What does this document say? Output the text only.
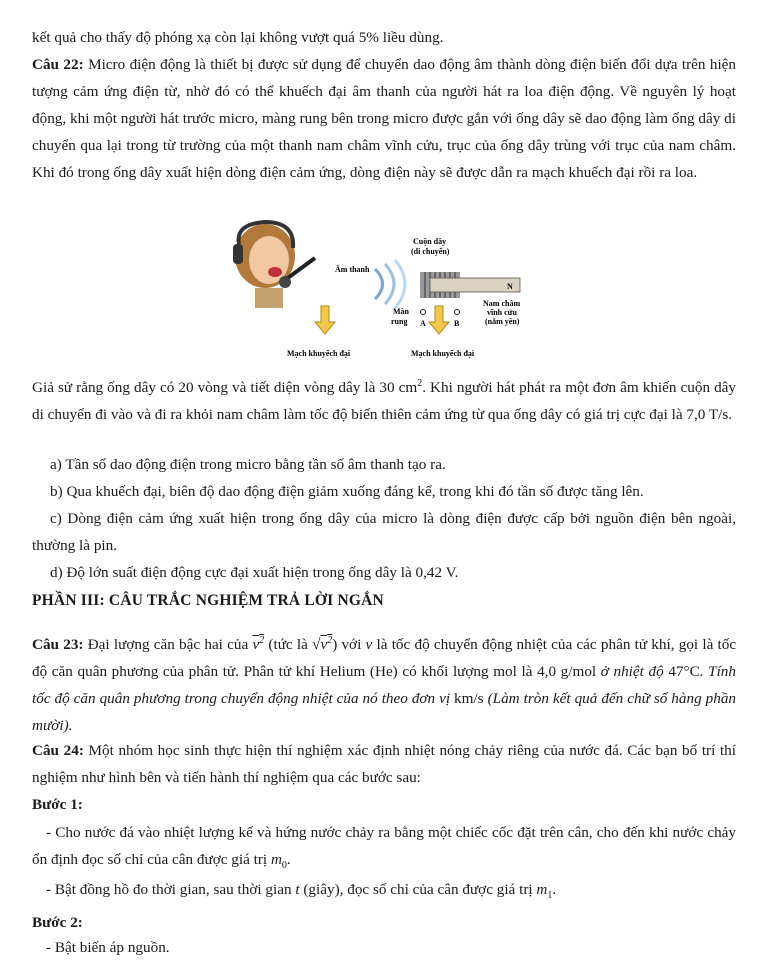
kết quả cho thấy độ phóng xạ còn lại không vượt quá 5% liều dùng.

Câu 22: Micro điện động là thiết bị được sử dụng để chuyển dao động âm thành dòng điện biến đổi dựa trên hiện tượng cảm ứng điện từ, nhờ đó có thể khuếch đại âm thanh của người hát ra loa điện động. Về nguyên lý hoạt động, khi một người hát trước micro, màng rung bên trong micro được gắn với ống dây sẽ dao động làm ống dây di chuyển qua lại trong từ trường của một thanh nam châm vĩnh cửu, trục của ống dây trùng với trục của nam châm. Khi đó trong ống dây xuất hiện dòng điện cảm ứng, dòng điện này sẽ được dẫn ra mạch khuếch đại rồi ra loa.

N
Cuộn dây
(di chuyển)
Âm thanh
Nam châm
vĩnh cửu
(nằm yên)
Màn
rung A	B
Mạch khuyếch đại	Mạch khuyếch đại

Giả sử rằng ống dây có 20 vòng và tiết diện vòng dây là 30 $cm^2$. Khi người hát phát ra một đơn âm khiến cuộn dây di chuyển đi vào và đi ra khỏi nam châm làm tốc độ biến thiên cảm ứng từ qua ống dây có giá trị cực đại là 7,0 T/s.

a) Tần số dao động điện trong micro bằng tần số âm thanh tạo ra.

b) Qua khuếch đại, biên độ dao động điện giảm xuống đáng kể, trong khi đó tần số được tăng lên.

c) Dòng điện cảm ứng xuất hiện trong ống dây của micro là dòng điện được cấp bởi nguồn điện bên ngoài, thường là pin.

d) Độ lớn suất điện động cực đại xuất hiện trong ống dây là 0,42 V.

PHẦN III: CÂU TRẮC NGHIỆM TRẢ LỜI NGẮN

Câu 23: Đại lượng căn bậc hai của $v^2$ (tức là $√v^2$) với v là tốc độ chuyển động nhiệt của các phân tử khí, gọi là tốc độ căn quân phương của phân tử. Phân tử khí Helium (He) có khối lượng mol là 4,0 g/mol ở nhiệt độ 47°C. Tính tốc độ căn quân phương trong chuyển động nhiệt của nó theo đơn vị km/s (Làm tròn kết quả đến chữ số hàng phần mười).

Câu 24: Một nhóm học sinh thực hiện thí nghiệm xác định nhiệt nóng chảy riêng của nước đá. Các bạn bố trí thí nghiệm như hình bên và tiến hành thí nghiệm qua các bước sau:

Bước 1:

- Cho nước đá vào nhiệt lượng kế và hứng nước chảy ra bằng một chiếc cốc đặt trên cân, cho đến khi nước chảy ổn định đọc số chỉ của cân được giá trị $m_0$.

- Bật đồng hồ đo thời gian, sau thời gian t (giây), đọc số chỉ của cân được giá trị $m_1$.

Bước 2:

- Bật biến áp nguồn.
